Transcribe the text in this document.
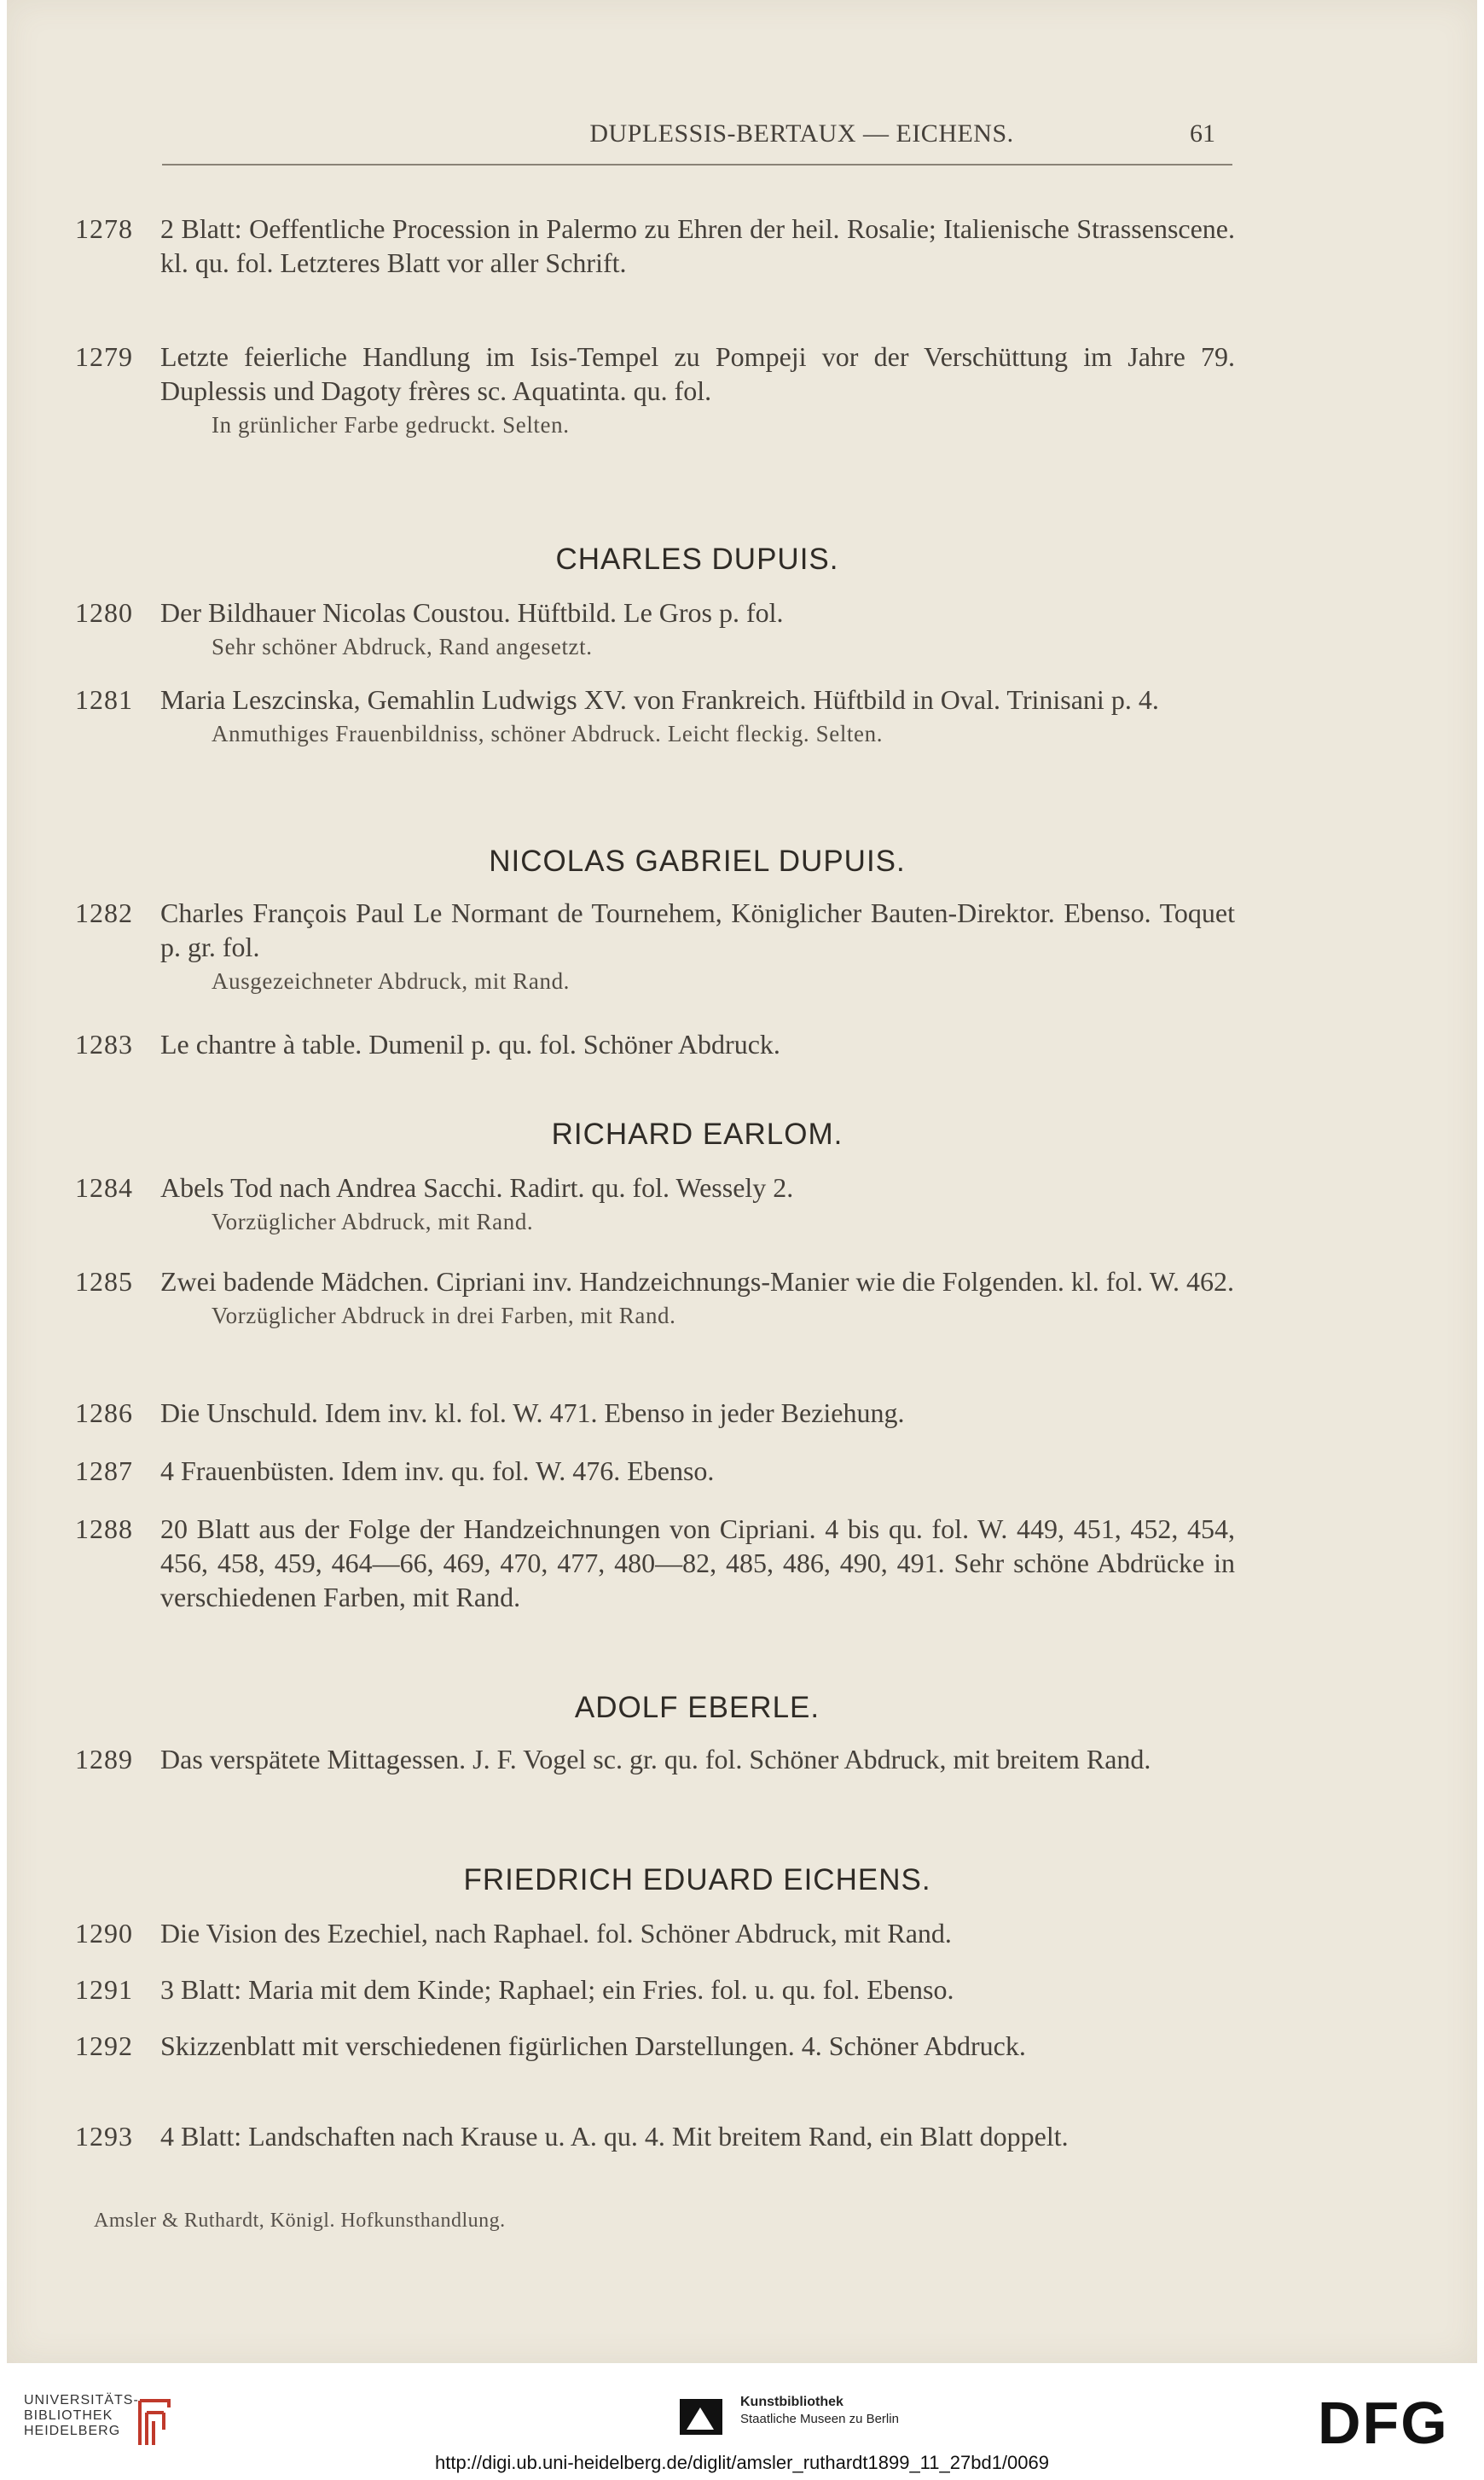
DUPLESSIS-BERTAUX — EICHENS.	61
1278	2 Blatt: Oeffentliche Procession in Palermo zu Ehren der heil. Rosalie; Italienische Strassenscene. kl. qu. fol. Letzteres Blatt vor aller Schrift.
1279	Letzte feierliche Handlung im Isis-Tempel zu Pompeji vor der Verschüttung im Jahre 79. Duplessis und Dagoty frères sc. Aquatinta. qu. fol.
In grünlicher Farbe gedruckt. Selten.
CHARLES DUPUIS.
1280	Der Bildhauer Nicolas Coustou. Hüftbild. Le Gros p. fol.
Sehr schöner Abdruck, Rand angesetzt.
1281	Maria Leszcinska, Gemahlin Ludwigs XV. von Frankreich. Hüftbild in Oval. Trinisani p. 4.
Anmuthiges Frauenbildniss, schöner Abdruck. Leicht fleckig. Selten.
NICOLAS GABRIEL DUPUIS.
1282	Charles François Paul Le Normant de Tournehem, Königlicher Bauten-Direktor. Ebenso. Toquet p. gr. fol.
Ausgezeichneter Abdruck, mit Rand.
1283	Le chantre à table. Dumenil p. qu. fol. Schöner Abdruck.
RICHARD EARLOM.
1284	Abels Tod nach Andrea Sacchi. Radirt. qu. fol. Wessely 2.
Vorzüglicher Abdruck, mit Rand.
1285	Zwei badende Mädchen. Cipriani inv. Handzeichnungs-Manier wie die Folgenden. kl. fol. W. 462.
Vorzüglicher Abdruck in drei Farben, mit Rand.
1286	Die Unschuld. Idem inv. kl. fol. W. 471. Ebenso in jeder Beziehung.
1287	4 Frauenbüsten. Idem inv. qu. fol. W. 476. Ebenso.
1288	20 Blatt aus der Folge der Handzeichnungen von Cipriani. 4 bis qu. fol. W. 449, 451, 452, 454, 456, 458, 459, 464—66, 469, 470, 477, 480—82, 485, 486, 490, 491. Sehr schöne Abdrücke in verschiedenen Farben, mit Rand.
ADOLF EBERLE.
1289	Das verspätete Mittagessen. J. F. Vogel sc. gr. qu. fol. Schöner Abdruck, mit breitem Rand.
FRIEDRICH EDUARD EICHENS.
1290	Die Vision des Ezechiel, nach Raphael. fol. Schöner Abdruck, mit Rand.
1291	3 Blatt: Maria mit dem Kinde; Raphael; ein Fries. fol. u. qu. fol. Ebenso.
1292	Skizzenblatt mit verschiedenen figürlichen Darstellungen. 4. Schöner Abdruck.
1293	4 Blatt: Landschaften nach Krause u. A. qu. 4. Mit breitem Rand, ein Blatt doppelt.
Amsler & Ruthardt, Königl. Hofkunsthandlung.
UNIVERSITÄTS-
BIBLIOTHEK
HEIDELBERG
Kunstbibliothek
Staatliche Museen zu Berlin	DFG
http://digi.ub.uni-heidelberg.de/diglit/amsler_ruthardt1899_11_27bd1/0069
